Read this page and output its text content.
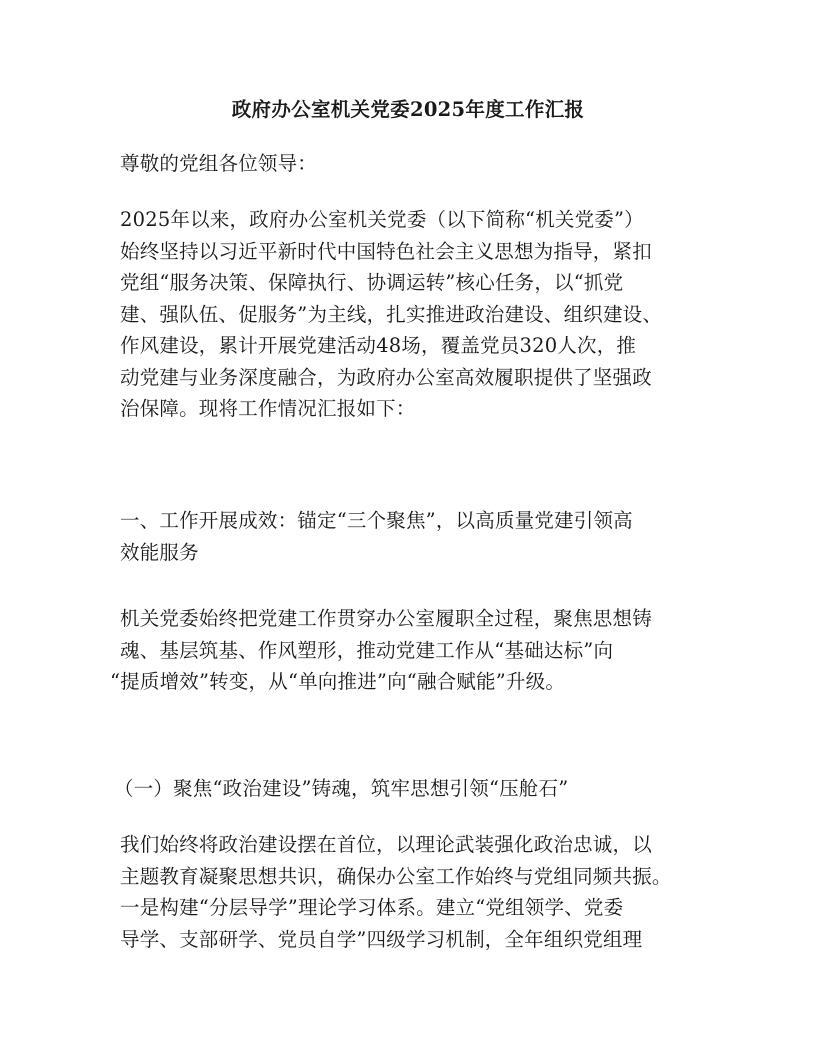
政府办公室机关党委2025年度工作汇报
尊敬的党组各位领导：
2025年以来，政府办公室机关党委（以下简称“机关党委”）
始终坚持以习近平新时代中国特色社会主义思想为指导，紧扣
党组“服务决策、保障执行、协调运转”核心任务，以“抓党
建、强队伍、促服务”为主线，扎实推进政治建设、组织建设、
作风建设，累计开展党建活动48场，覆盖党员320人次，推
动党建与业务深度融合，为政府办公室高效履职提供了坚强政
治保障。现将工作情况汇报如下：
一、工作开展成效：锚定“三个聚焦”，以高质量党建引领高
效能服务
机关党委始终把党建工作贯穿办公室履职全过程，聚焦思想铸
魂、基层筑基、作风塑形，推动党建工作从“基础达标”向
“提质增效”转变，从“单向推进”向“融合赋能”升级。
（一）聚焦“政治建设”铸魂，筑牢思想引领“压舱石”
我们始终将政治建设摆在首位，以理论武装强化政治忠诚，以
主题教育凝聚思想共识，确保办公室工作始终与党组同频共振。
一是构建“分层导学”理论学习体系。建立“党组领学、党委
导学、支部研学、党员自学”四级学习机制，全年组织党组理
